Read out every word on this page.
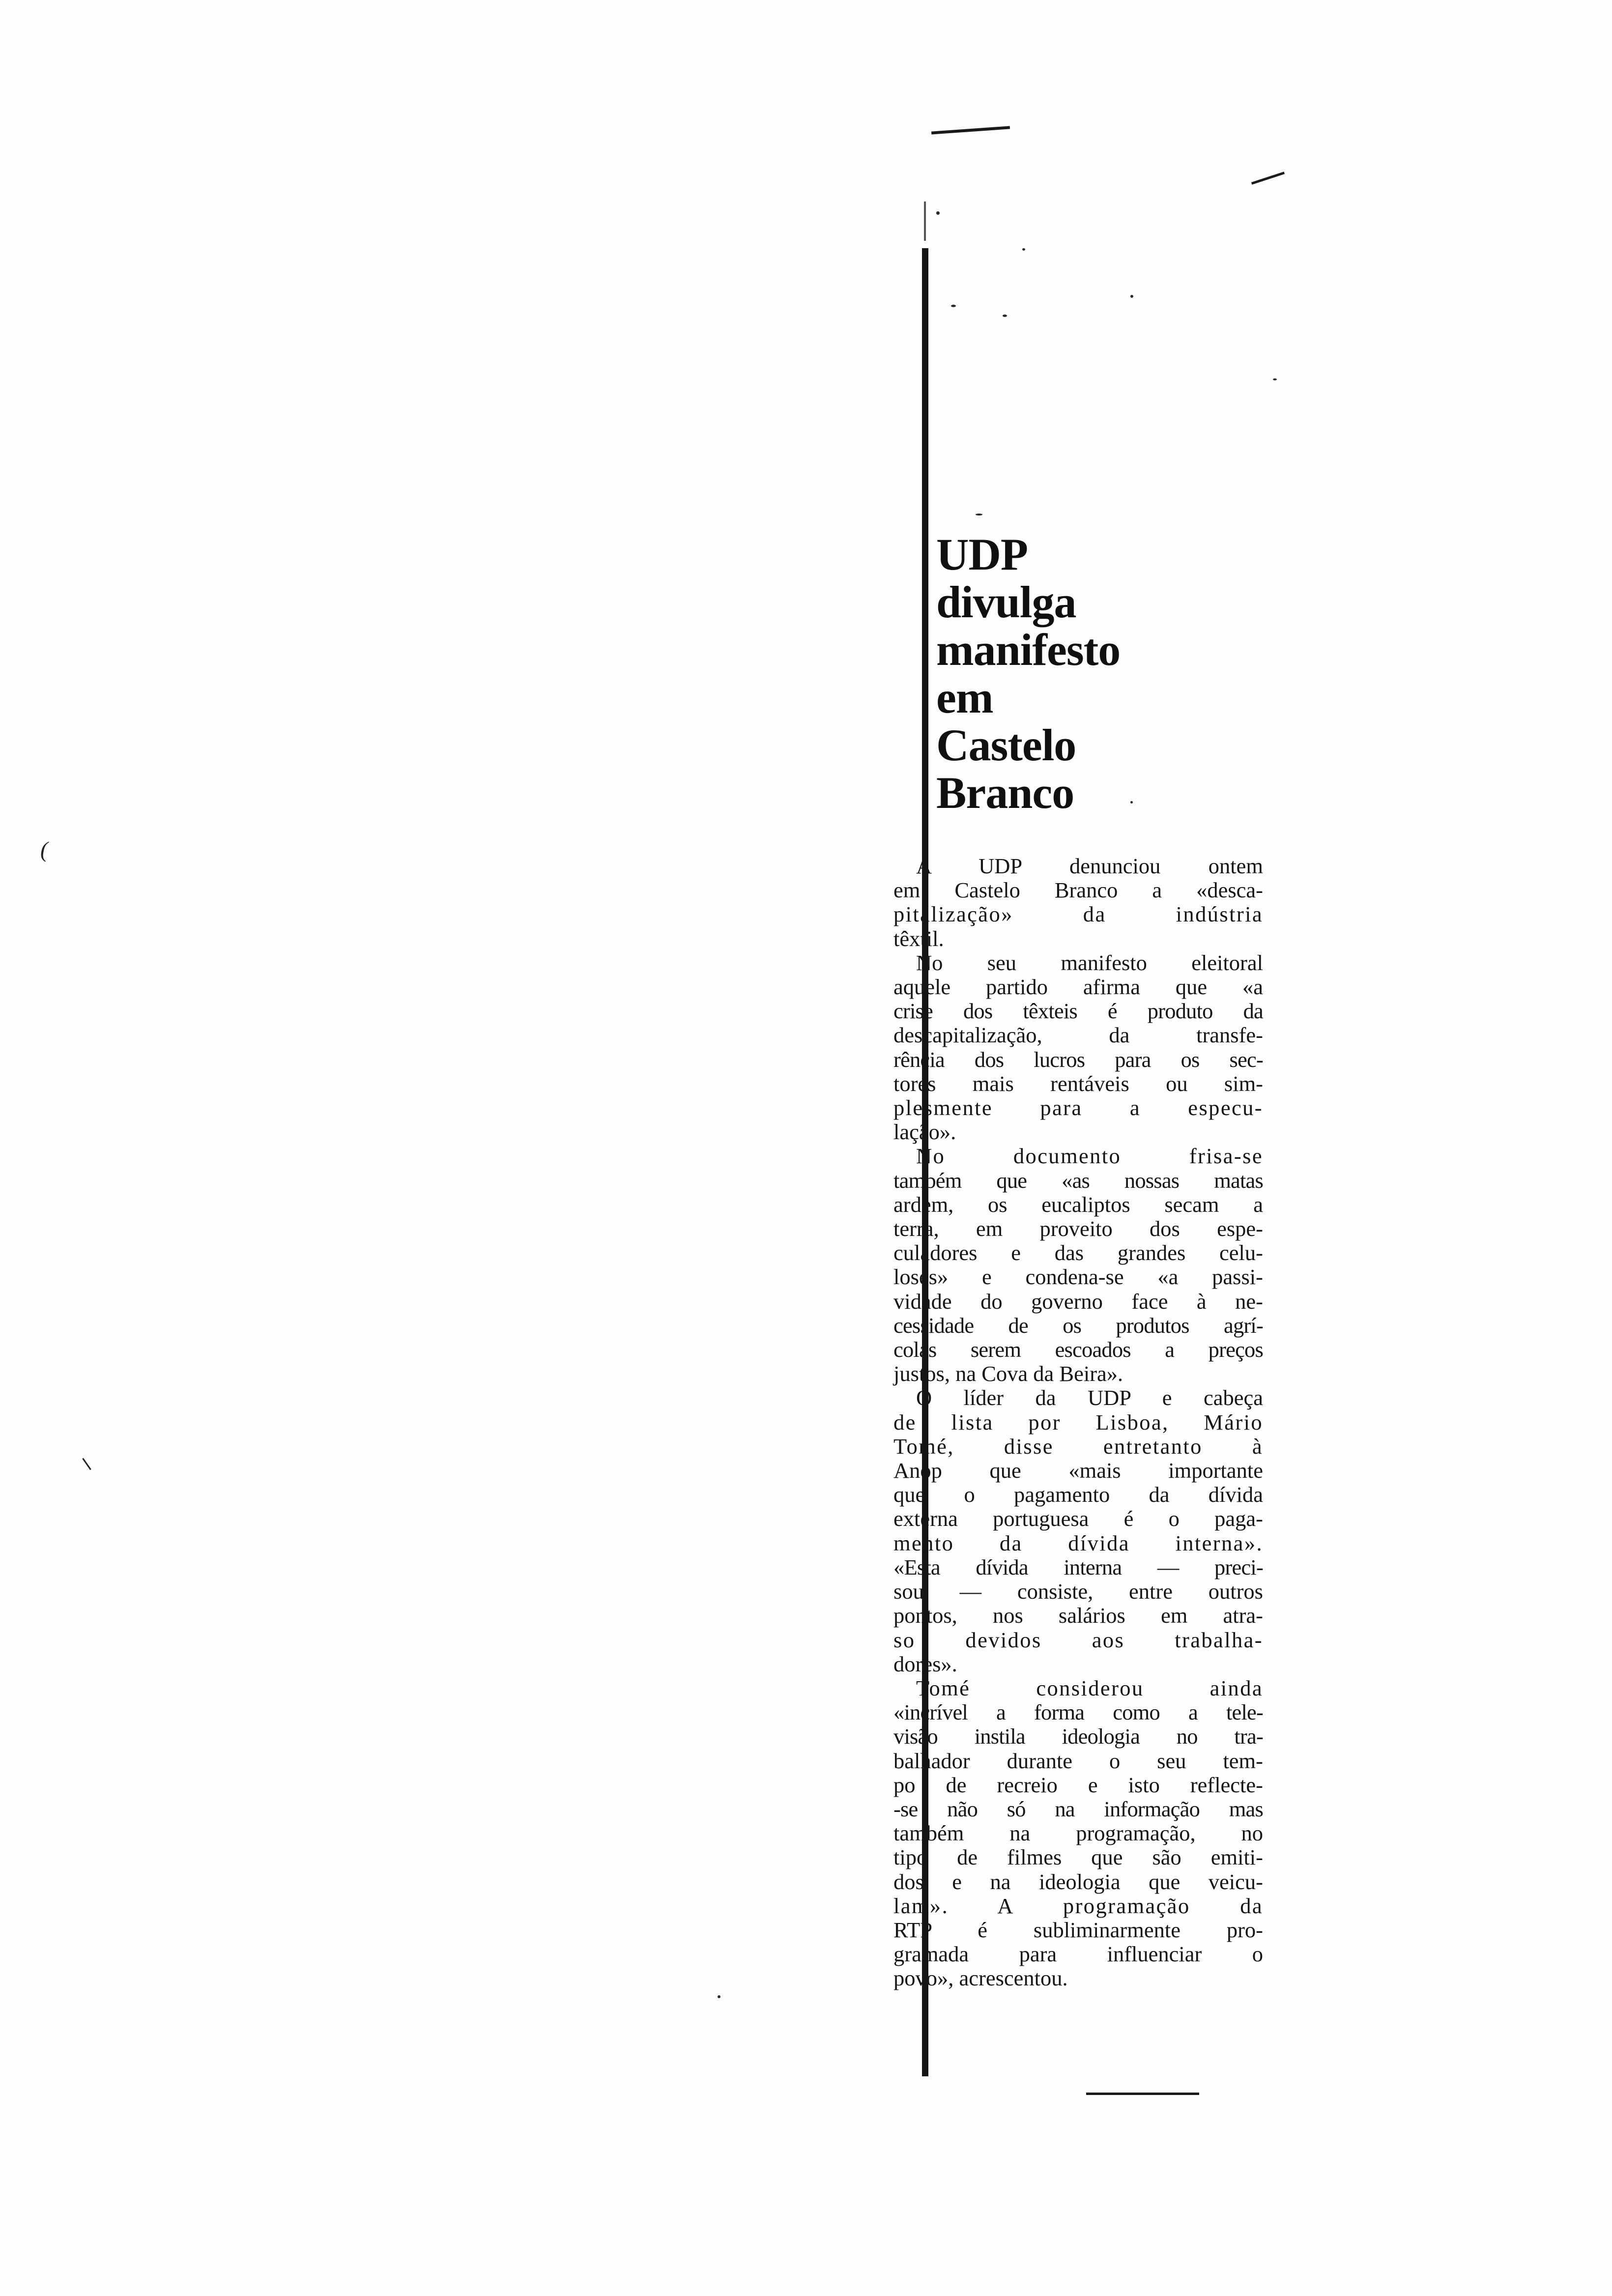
(
UDP
divulga
manifesto
em
Castelo
Branco
A UDP denunciou ontem
em Castelo Branco a «desca-
pitalização» da indústria
têxtil.
No seu manifesto eleitoral
aquele partido afirma que «a
crise dos têxteis é produto da
descapitalização, da transfe-
rência dos lucros para os sec-
tores mais rentáveis ou sim-
plesmente para a especu-
lação».
No documento frisa-se
também que «as nossas matas
ardem, os eucaliptos secam a
terra, em proveito dos espe-
culadores e das grandes celu-
loses» e condena-se «a passi-
vidade do governo face à ne-
cessidade de os produtos agrí-
colas serem escoados a preços
justos, na Cova da Beira».
O líder da UDP e cabeça
de lista por Lisboa, Mário
Tomé, disse entretanto à
Anop que «mais importante
que o pagamento da dívida
externa portuguesa é o paga-
mento da dívida interna».
«Esta dívida interna — preci-
sou — consiste, entre outros
pontos, nos salários em atra-
so devidos aos trabalha-
dores».
Tomé considerou ainda
«incrível a forma como a tele-
visão instila ideologia no tra-
balhador durante o seu tem-
po de recreio e isto reflecte-
-se não só na informação mas
também na programação, no
tipo de filmes que são emiti-
dos e na ideologia que veicu-
lam». A programação da
RTP é subliminarmente pro-
gramada para influenciar o
povo», acrescentou.
